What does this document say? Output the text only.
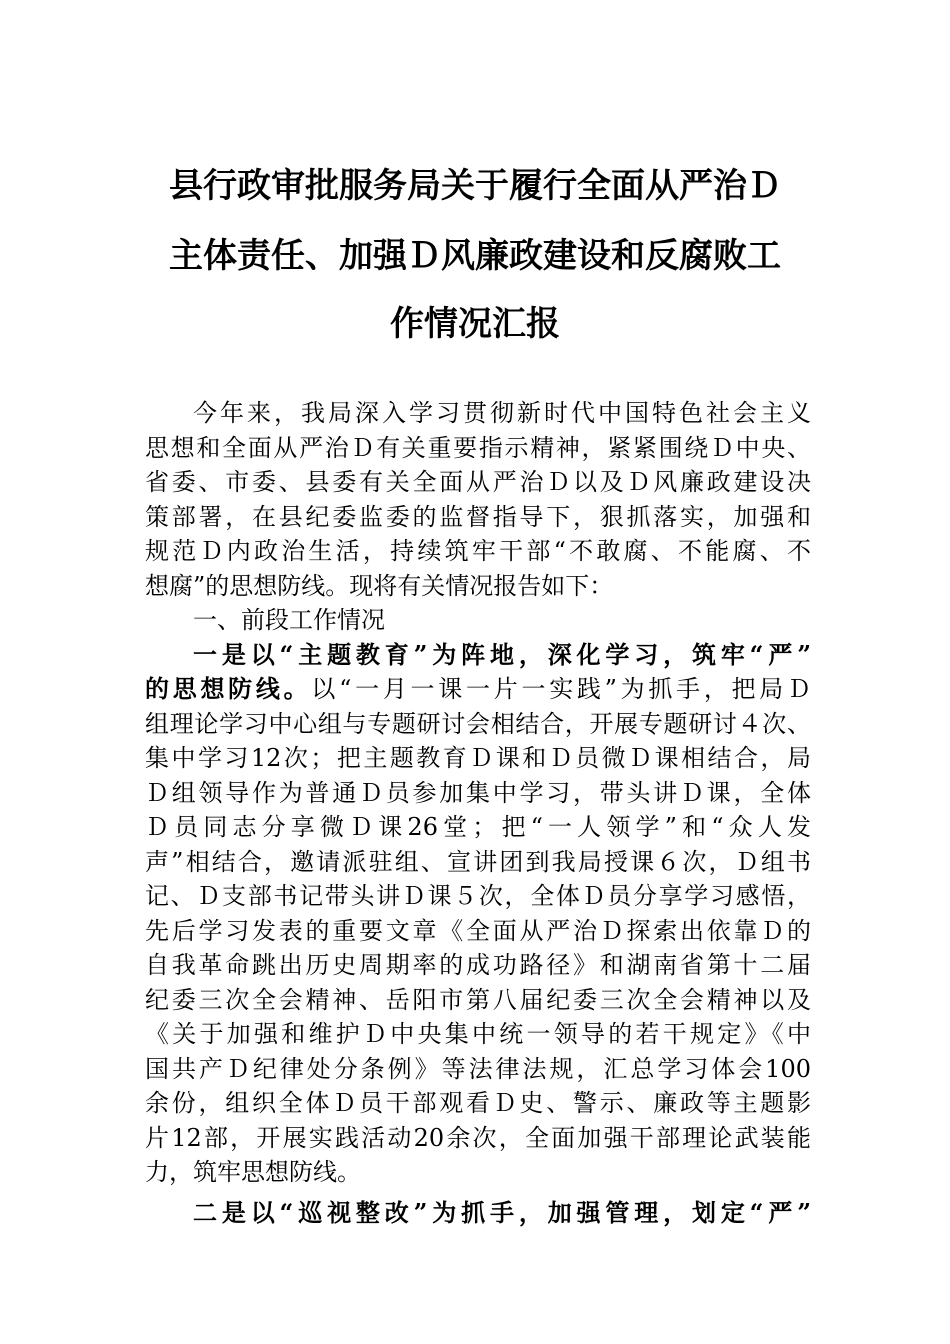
县行政审批服务局关于履行全面从严治Ｄ
主体责任、加强Ｄ风廉政建设和反腐败工
作情况汇报
今年来，我局深入学习贯彻新时代中国特色社会主义
思想和全面从严治Ｄ有关重要指示精神，紧紧围绕Ｄ中央、
省委、市委、县委有关全面从严治Ｄ以及Ｄ风廉政建设决
策部署，在县纪委监委的监督指导下，狠抓落实，加强和
规范Ｄ内政治生活，持续筑牢干部“不敢腐、不能腐、不
想腐”的思想防线。现将有关情况报告如下：
一、前段工作情况
一是以“主题教育”为阵地，深化学习，筑牢“严”
的思想防线。以“一月一课一片一实践”为抓手，把局Ｄ
组理论学习中心组与专题研讨会相结合，开展专题研讨４次、
集中学习12次；把主题教育Ｄ课和Ｄ员微Ｄ课相结合，局
Ｄ组领导作为普通Ｄ员参加集中学习，带头讲Ｄ课，全体
Ｄ员同志分享微Ｄ课26堂；把“一人领学”和“众人发
声”相结合，邀请派驻组、宣讲团到我局授课６次，Ｄ组书
记、Ｄ支部书记带头讲Ｄ课５次，全体Ｄ员分享学习感悟，
先后学习发表的重要文章《全面从严治Ｄ探索出依靠Ｄ的
自我革命跳出历史周期率的成功路径》和湖南省第十二届
纪委三次全会精神、岳阳市第八届纪委三次全会精神以及
《关于加强和维护Ｄ中央集中统一领导的若干规定》《中
国共产Ｄ纪律处分条例》等法律法规，汇总学习体会100
余份，组织全体Ｄ员干部观看Ｄ史、警示、廉政等主题影
片12部，开展实践活动20余次，全面加强干部理论武装能
力，筑牢思想防线。
二是以“巡视整改”为抓手，加强管理，划定“严”
